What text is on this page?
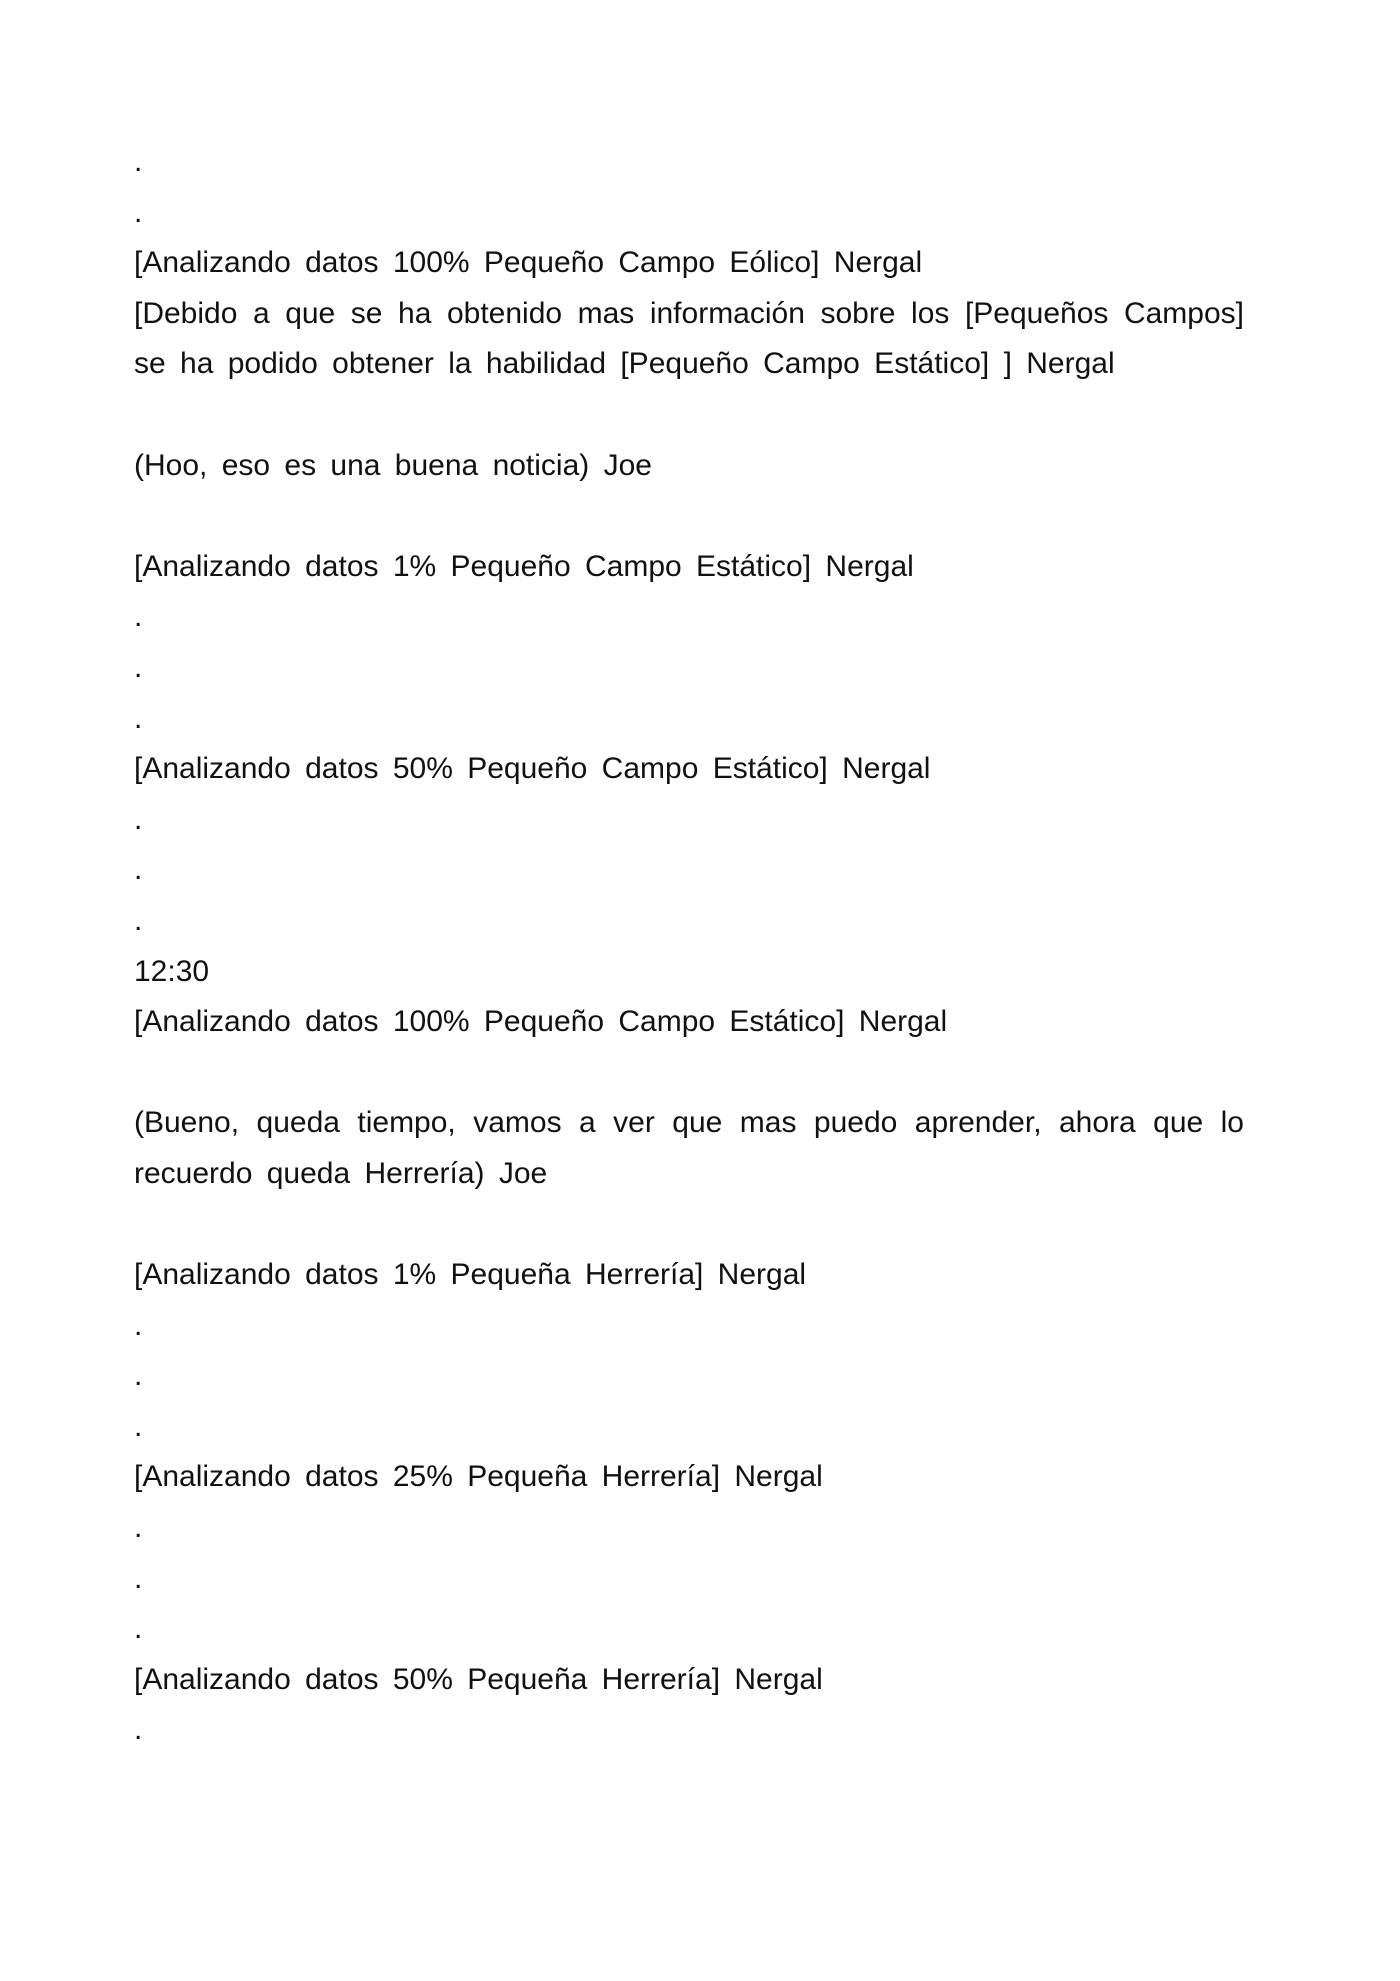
.
.
[Analizando datos 100% Pequeño Campo Eólico] Nergal
[Debido a que se ha obtenido mas información sobre los [Pequeños Campos] se ha podido obtener la habilidad [Pequeño Campo Estático] ] Nergal
(Hoo, eso es una buena noticia) Joe
[Analizando datos 1% Pequeño Campo Estático] Nergal
.
.
.
[Analizando datos 50% Pequeño Campo Estático] Nergal
.
.
.
12:30
[Analizando datos 100% Pequeño Campo Estático] Nergal
(Bueno, queda tiempo, vamos a ver que mas puedo aprender, ahora que lo recuerdo queda Herrería) Joe
[Analizando datos 1% Pequeña Herrería] Nergal
.
.
.
[Analizando datos 25% Pequeña Herrería] Nergal
.
.
.
[Analizando datos 50% Pequeña Herrería] Nergal
.
